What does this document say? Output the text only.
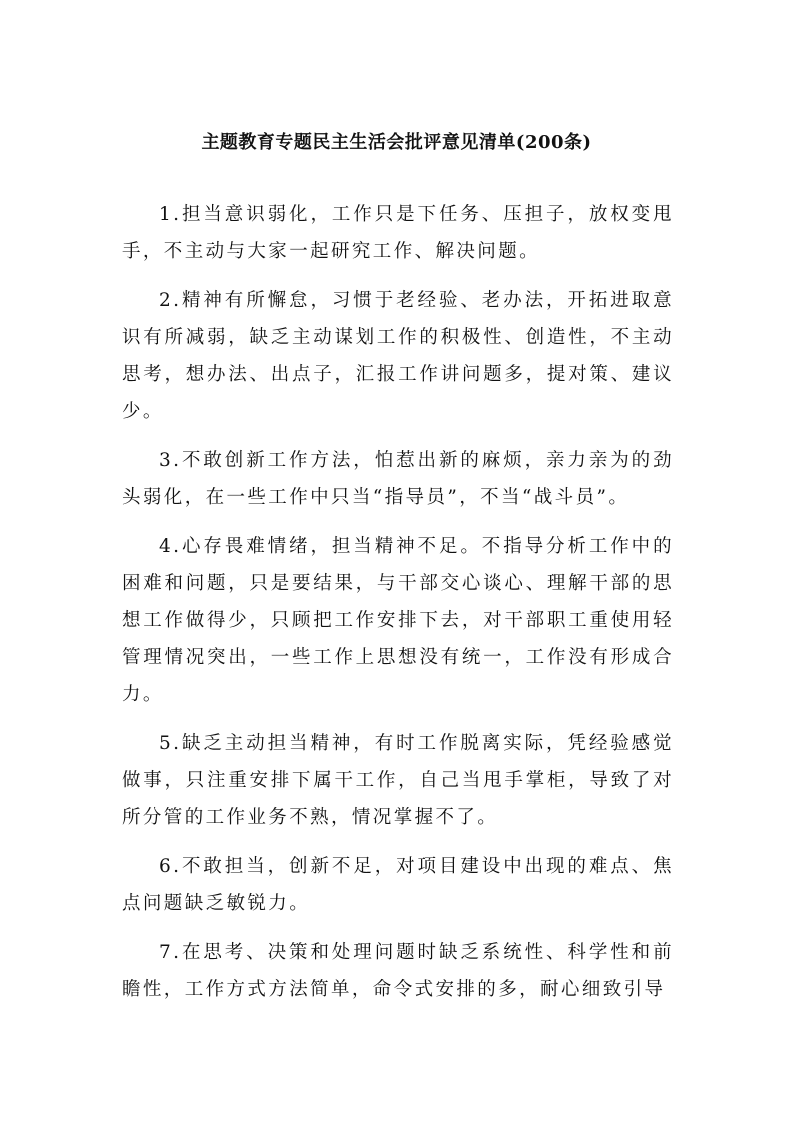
主题教育专题民主生活会批评意见清单(200条)

1.担当意识弱化，工作只是下任务、压担子，放权变甩手，不主动与大家一起研究工作、解决问题。

2.精神有所懈怠，习惯于老经验、老办法，开拓进取意识有所减弱，缺乏主动谋划工作的积极性、创造性，不主动思考，想办法、出点子，汇报工作讲问题多，提对策、建议少。

3.不敢创新工作方法，怕惹出新的麻烦，亲力亲为的劲头弱化，在一些工作中只当“指导员”，不当“战斗员”。

4.心存畏难情绪，担当精神不足。不指导分析工作中的困难和问题，只是要结果，与干部交心谈心、理解干部的思想工作做得少，只顾把工作安排下去，对干部职工重使用轻管理情况突出，一些工作上思想没有统一，工作没有形成合力。

5.缺乏主动担当精神，有时工作脱离实际，凭经验感觉做事，只注重安排下属干工作，自己当甩手掌柜，导致了对所分管的工作业务不熟，情况掌握不了。

6.不敢担当，创新不足，对项目建设中出现的难点、焦点问题缺乏敏锐力。

7.在思考、决策和处理问题时缺乏系统性、科学性和前瞻性，工作方式方法简单，命令式安排的多，耐心细致引导
